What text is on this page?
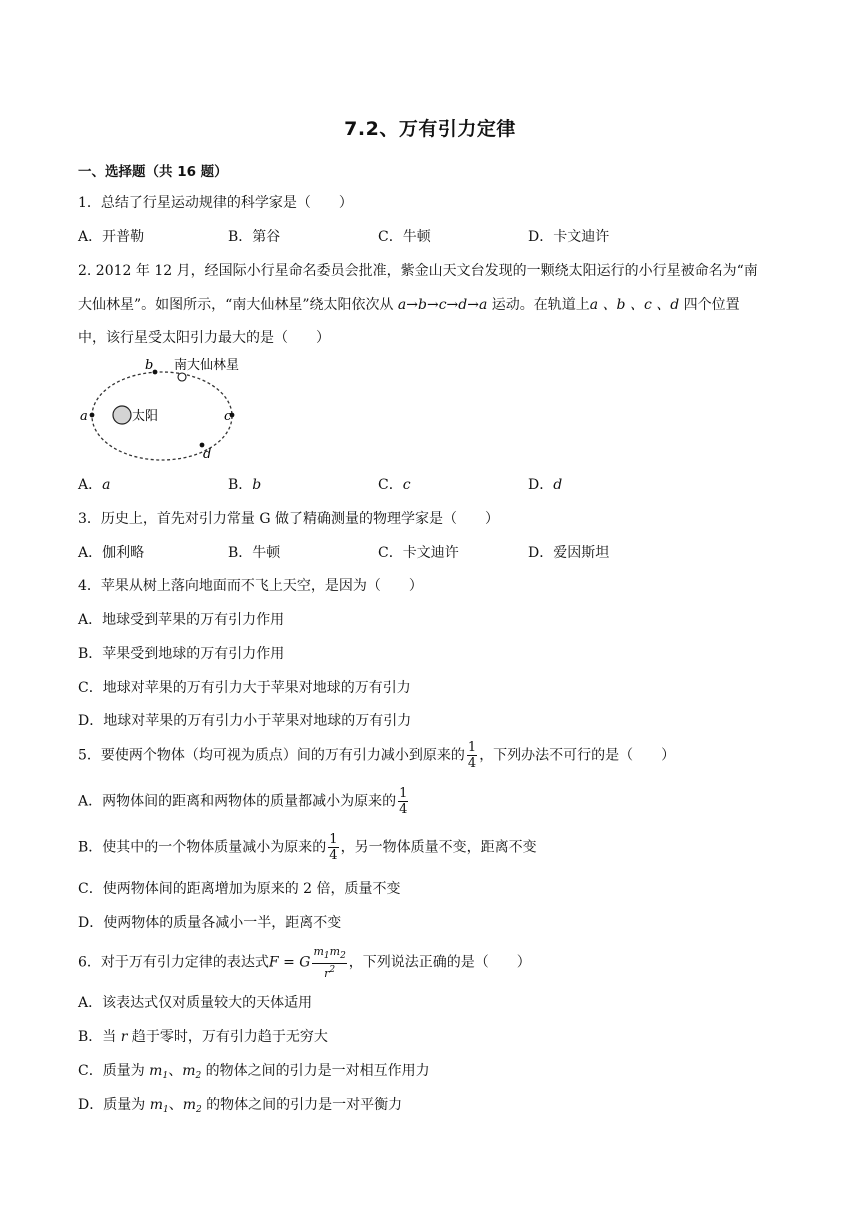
7.2、万有引力定律
一、选择题（共 16 题）
1．总结了行星运动规律的科学家是（　　）
A．开普勒	B．第谷	C．牛顿	D．卡文迪许
2. 2012 年 12 月，经国际小行星命名委员会批准，紫金山天文台发现的一颗绕太阳运行的小行星被命名为“南
大仙林星”。如图所示，“南大仙林星”绕太阳依次从 a→b→c→d→a 运动。在轨道上a 、b 、c 、d 四个位置
中，该行星受太阳引力最大的是（　　）
太阳
a
b 南大仙林星
c
d
A．a	B．b	C．c	D．d
3．历史上，首先对引力常量 G 做了精确测量的物理学家是（　　）
A．伽利略	B．牛顿	C．卡文迪许	D．爱因斯坦
4．苹果从树上落向地面而不飞上天空，是因为（　　）
A．地球受到苹果的万有引力作用
B．苹果受到地球的万有引力作用
C．地球对苹果的万有引力大于苹果对地球的万有引力
D．地球对苹果的万有引力小于苹果对地球的万有引力
5．要使两个物体（均可视为质点）间的万有引力减小到原来的 $\frac{1}{4}$ ，下列办法不可行的是（　　）
A．两物体间的距离和两物体的质量都减小为原来的 $\frac{1}{4}$
B．使其中的一个物体质量减小为原来的 $\frac{1}{4}$ ，另一物体质量不变，距离不变
C．使两物体间的距离增加为原来的 2 倍，质量不变
D．使两物体的质量各减小一半，距离不变
6．对于万有引力定律的表达式F = G $\frac{m_1m_2}{r^2}$ ，下列说法正确的是（　　）
A．该表达式仅对质量较大的天体适用
B．当 r 趋于零时，万有引力趋于无穷大
C．质量为 $m_1$、$m_2$ 的物体之间的引力是一对相互作用力
D．质量为 $m_1$、$m_2$ 的物体之间的引力是一对平衡力
